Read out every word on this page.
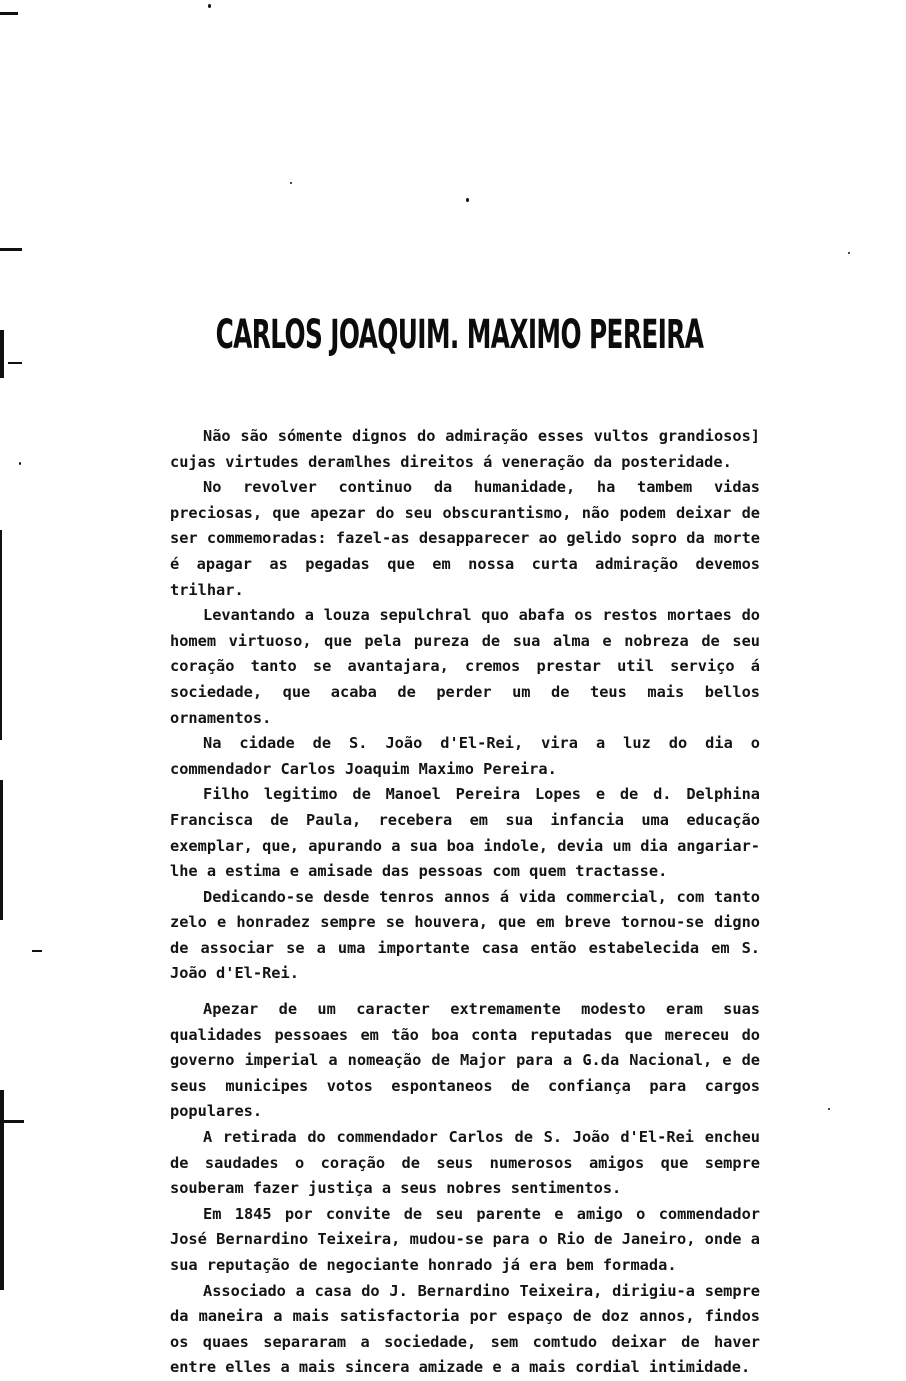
CARLOS JOAQUIM. MAXIMO PEREIRA

Não são sómente dignos do admiração esses vultos grandiosos] cujas virtudes deramlhes direitos á veneração da posteridade.

No revolver continuo da humanidade, ha tambem vidas preciosas, que apezar do seu obscurantismo, não podem deixar de ser commemoradas: fazel-as desapparecer ao gelido sopro da morte é apagar as pegadas que em nossa curta admiração devemos trilhar.

Levantando a louza sepulchral quo abafa os restos mortaes do homem virtuoso, que pela pureza de sua alma e nobreza de seu coração tanto se avantajara, cremos prestar util serviço á sociedade, que acaba de perder um de teus mais bellos ornamentos.

Na cidade de S. João d'El-Rei, vira a luz do dia o commendador Carlos Joaquim Maximo Pereira.

Filho legitimo de Manoel Pereira Lopes e de d. Delphina Francisca de Paula, recebera em sua infancia uma educação exemplar, que, apurando a sua boa indole, devia um dia angariar-lhe a estima e amisade das pessoas com quem tractasse.

Dedicando-se desde tenros annos á vida commercial, com tanto zelo e honradez sempre se houvera, que em breve tornou-se digno de associar se a uma importante casa então estabelecida em S. João d'El-Rei.

Apezar de um caracter extremamente modesto eram suas qualidades pessoaes em tão boa conta reputadas que mereceu do governo imperial a nomeação de Major para a G.da Nacional, e de seus municipes votos espontaneos de confiança para cargos populares.

A retirada do commendador Carlos de S. João d'El-Rei encheu de saudades o coração de seus numerosos amigos que sempre souberam fazer justiça a seus nobres sentimentos.

Em 1845 por convite de seu parente e amigo o commendador José Bernardino Teixeira, mudou-se para o Rio de Janeiro, onde a sua reputação de negociante honrado já era bem formada.

Associado a casa do J. Bernardino Teixeira, dirigiu-a sempre da maneira a mais satisfactoria por espaço de doz annos, findos os quaes separaram a sociedade, sem comtudo deixar de haver entre elles a mais sincera amizade e a mais cordial intimidade.
